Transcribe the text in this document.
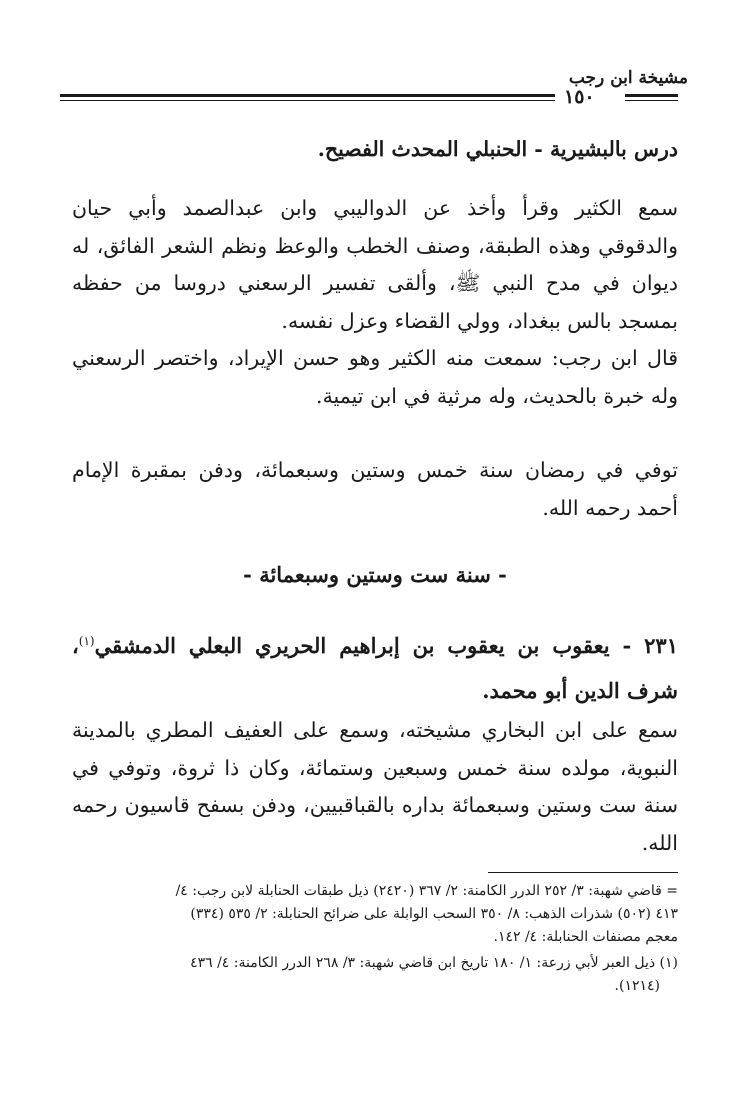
مشيخة ابن رجب
١٥٠
درس بالبشيرية - الحنبلي المحدث الفصيح.
سمع الكثير وقرأ وأخذ عن الدواليبي وابن عبدالصمد وأبي حيان والدقوقي وهذه الطبقة، وصنف الخطب والوعظ ونظم الشعر الفائق، له ديوان في مدح النبي ﷺ، وألقى تفسير الرسعني دروسا من حفظه بمسجد بالس ببغداد، وولي القضاء وعزل نفسه.
قال ابن رجب: سمعت منه الكثير وهو حسن الإيراد، واختصر الرسعني وله خبرة بالحديث، وله مرثية في ابن تيمية.
توفي في رمضان سنة خمس وستين وسبعمائة، ودفن بمقبرة الإمام أحمد رحمه الله.
- سنة ست وستين وسبعمائة -
٢٣١ - يعقوب بن يعقوب بن إبراهيم الحريري البعلي الدمشقي$^{(١)}$، شرف الدين أبو محمد.
سمع على ابن البخاري مشيخته، وسمع على العفيف المطري بالمدينة النبوية، مولده سنة خمس وسبعين وستمائة، وكان ذا ثروة، وتوفي في سنة ست وستين وسبعمائة بداره بالقباقبيين، ودفن بسفح قاسيون رحمه الله.
= قاضي شهبة: ٣/ ٢٥٢ الدرر الكامنة: ٢/ ٣٦٧ (٢٤٢٠) ذيل طبقات الحنابلة لابن رجب: ٤/
٤١٣ (٥٠٢) شذرات الذهب: ٨/ ٣٥٠ السحب الوابلة على ضرائح الحنابلة: ٢/ ٥٣٥ (٣٣٤)
معجم مصنفات الحنابلة: ٤/ ١٤٢.
(١) ذيل العبر لأبي زرعة: ١/ ١٨٠ تاريخ ابن قاضي شهبة: ٣/ ٢٦٨ الدرر الكامنة: ٤/ ٤٣٦
(١٢١٤).
